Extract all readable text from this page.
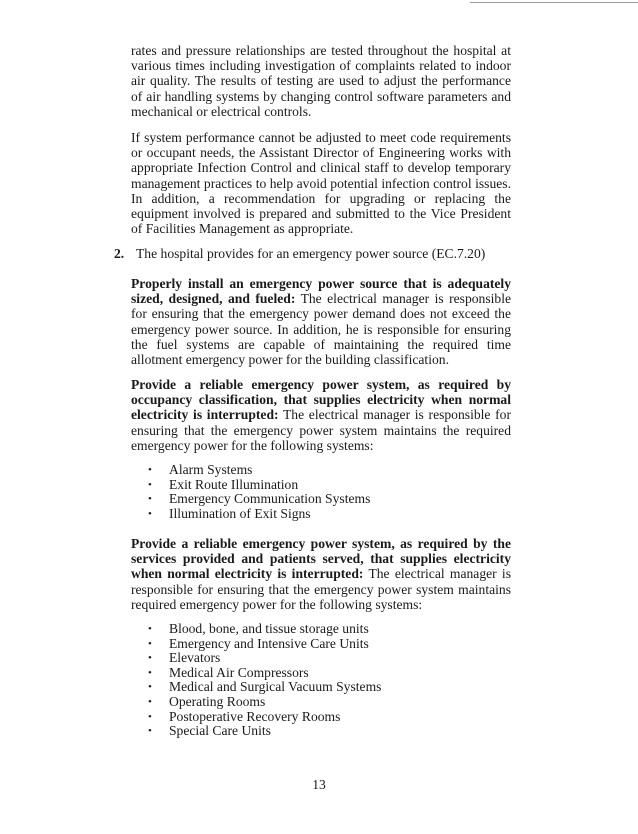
rates and pressure relationships are tested throughout the hospital at various times including investigation of complaints related to indoor air quality. The results of testing are used to adjust the performance of air handling systems by changing control software parameters and mechanical or electrical controls.

If system performance cannot be adjusted to meet code requirements or occupant needs, the Assistant Director of Engineering works with appropriate Infection Control and clinical staff to develop temporary management practices to help avoid potential infection control issues. In addition, a recommendation for upgrading or replacing the equipment involved is prepared and submitted to the Vice President of Facilities Management as appropriate.

2. The hospital provides for an emergency power source (EC.7.20)

Properly install an emergency power source that is adequately sized, designed, and fueled: The electrical manager is responsible for ensuring that the emergency power demand does not exceed the emergency power source. In addition, he is responsible for ensuring the fuel systems are capable of maintaining the required time allotment emergency power for the building classification.

Provide a reliable emergency power system, as required by occupancy classification, that supplies electricity when normal electricity is interrupted: The electrical manager is responsible for ensuring that the emergency power system maintains the required emergency power for the following systems:

• Alarm Systems
• Exit Route Illumination
• Emergency Communication Systems
• Illumination of Exit Signs

Provide a reliable emergency power system, as required by the services provided and patients served, that supplies electricity when normal electricity is interrupted: The electrical manager is responsible for ensuring that the emergency power system maintains required emergency power for the following systems:

• Blood, bone, and tissue storage units
• Emergency and Intensive Care Units
• Elevators
• Medical Air Compressors
• Medical and Surgical Vacuum Systems
• Operating Rooms
• Postoperative Recovery Rooms
• Special Care Units
13
